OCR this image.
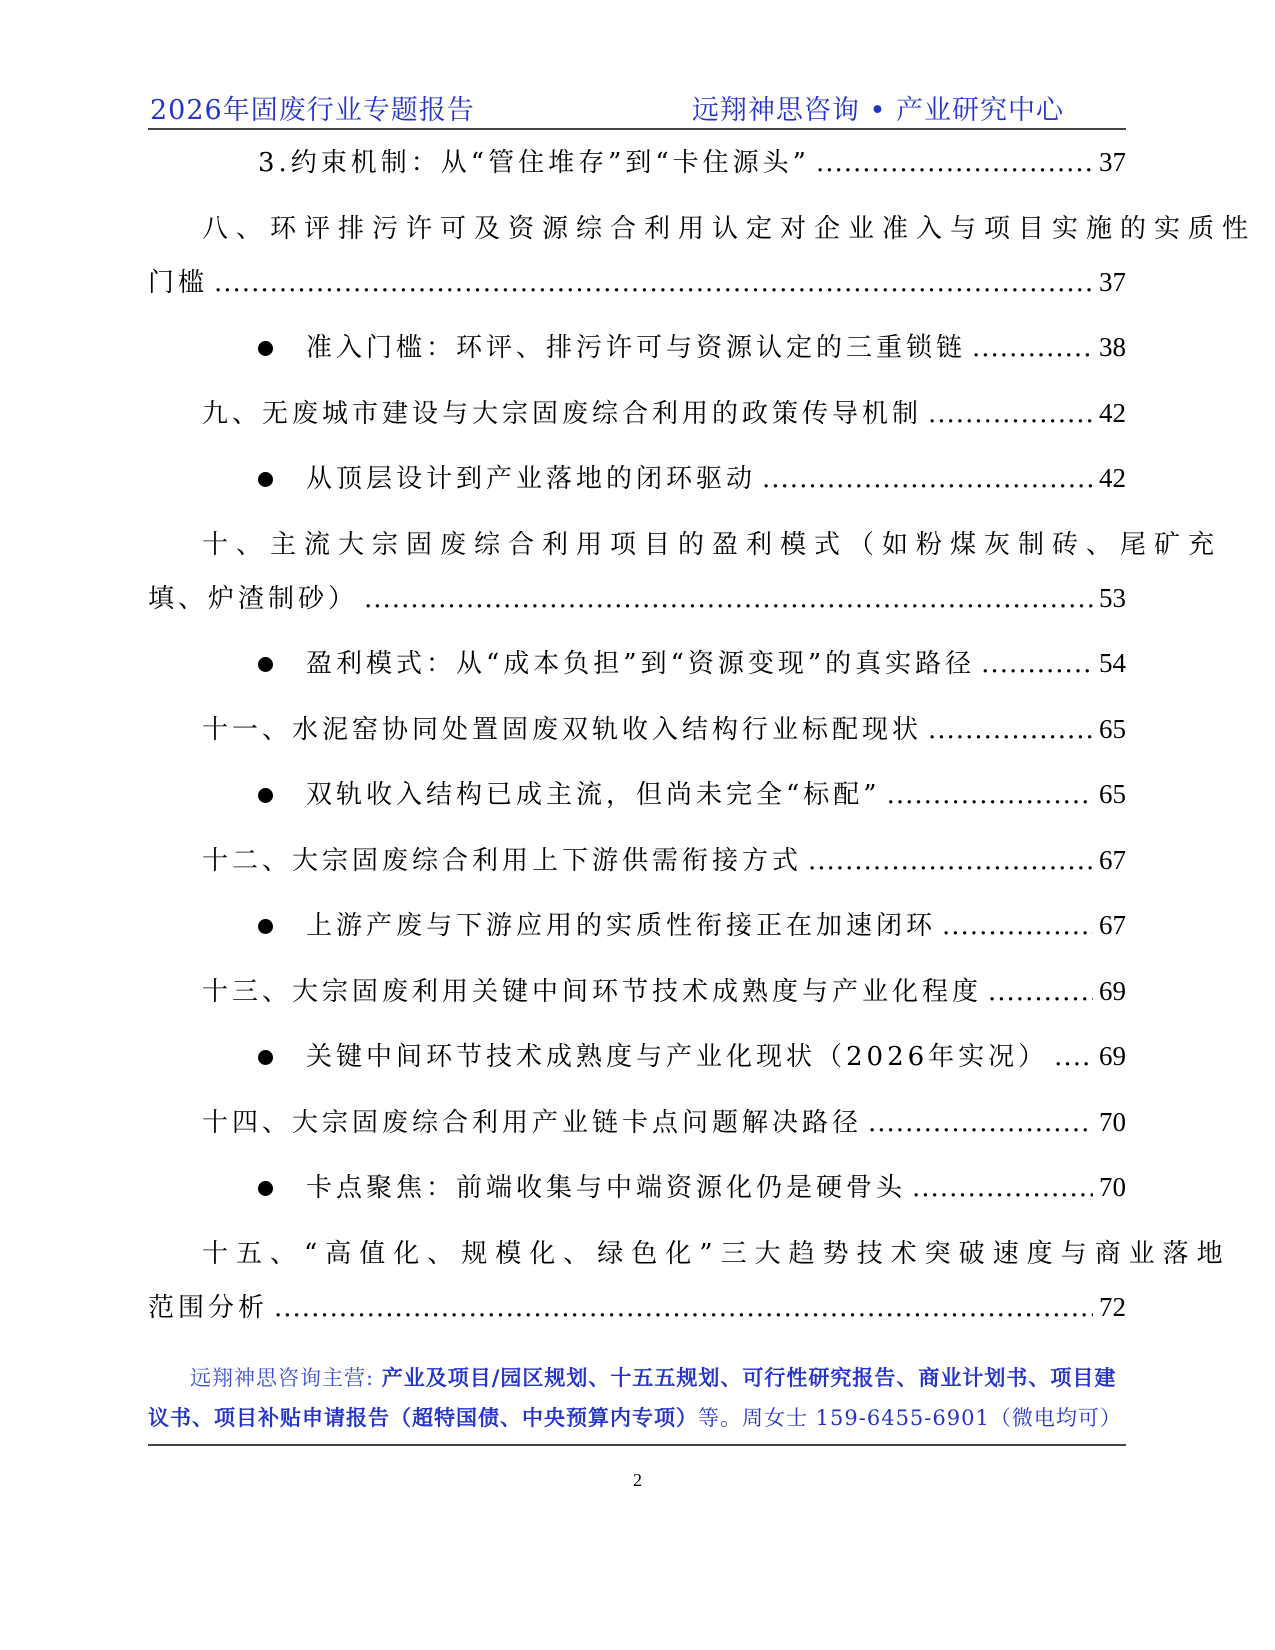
2026年固废行业专题报告	远翔神思咨询 • 产业研究中心
3.约束机制：从“管住堆存”到“卡住源头” .....	37
八、环评排污许可及资源综合利用认定对企业准入与项目实施的实质性
门槛 .....	37
准入门槛：环评、排污许可与资源认定的三重锁链 .....	38
九、无废城市建设与大宗固废综合利用的政策传导机制 .....	42
从顶层设计到产业落地的闭环驱动 .....	42
十、主流大宗固废综合利用项目的盈利模式（如粉煤灰制砖、尾矿充
填、炉渣制砂） .....	53
盈利模式：从“成本负担”到“资源变现”的真实路径 .....	54
十一、水泥窑协同处置固废双轨收入结构行业标配现状 .....	65
双轨收入结构已成主流，但尚未完全“标配” .....	65
十二、大宗固废综合利用上下游供需衔接方式 .....	67
上游产废与下游应用的实质性衔接正在加速闭环 .....	67
十三、大宗固废利用关键中间环节技术成熟度与产业化程度 .....	69
关键中间环节技术成熟度与产业化现状（2026年实况） ..... 69
十四、大宗固废综合利用产业链卡点问题解决路径 .....	70
卡点聚焦：前端收集与中端资源化仍是硬骨头 .....	70
十五、“高值化、规模化、绿色化”三大趋势技术突破速度与商业落地
范围分析 .....	72
远翔神思咨询主营: 产业及项目/园区规划、十五五规划、可行性研究报告、商业计划书、项目建议书、项目补贴申请报告（超特国债、中央预算内专项）等。周女士 159-6455-6901（微电均可）
2
